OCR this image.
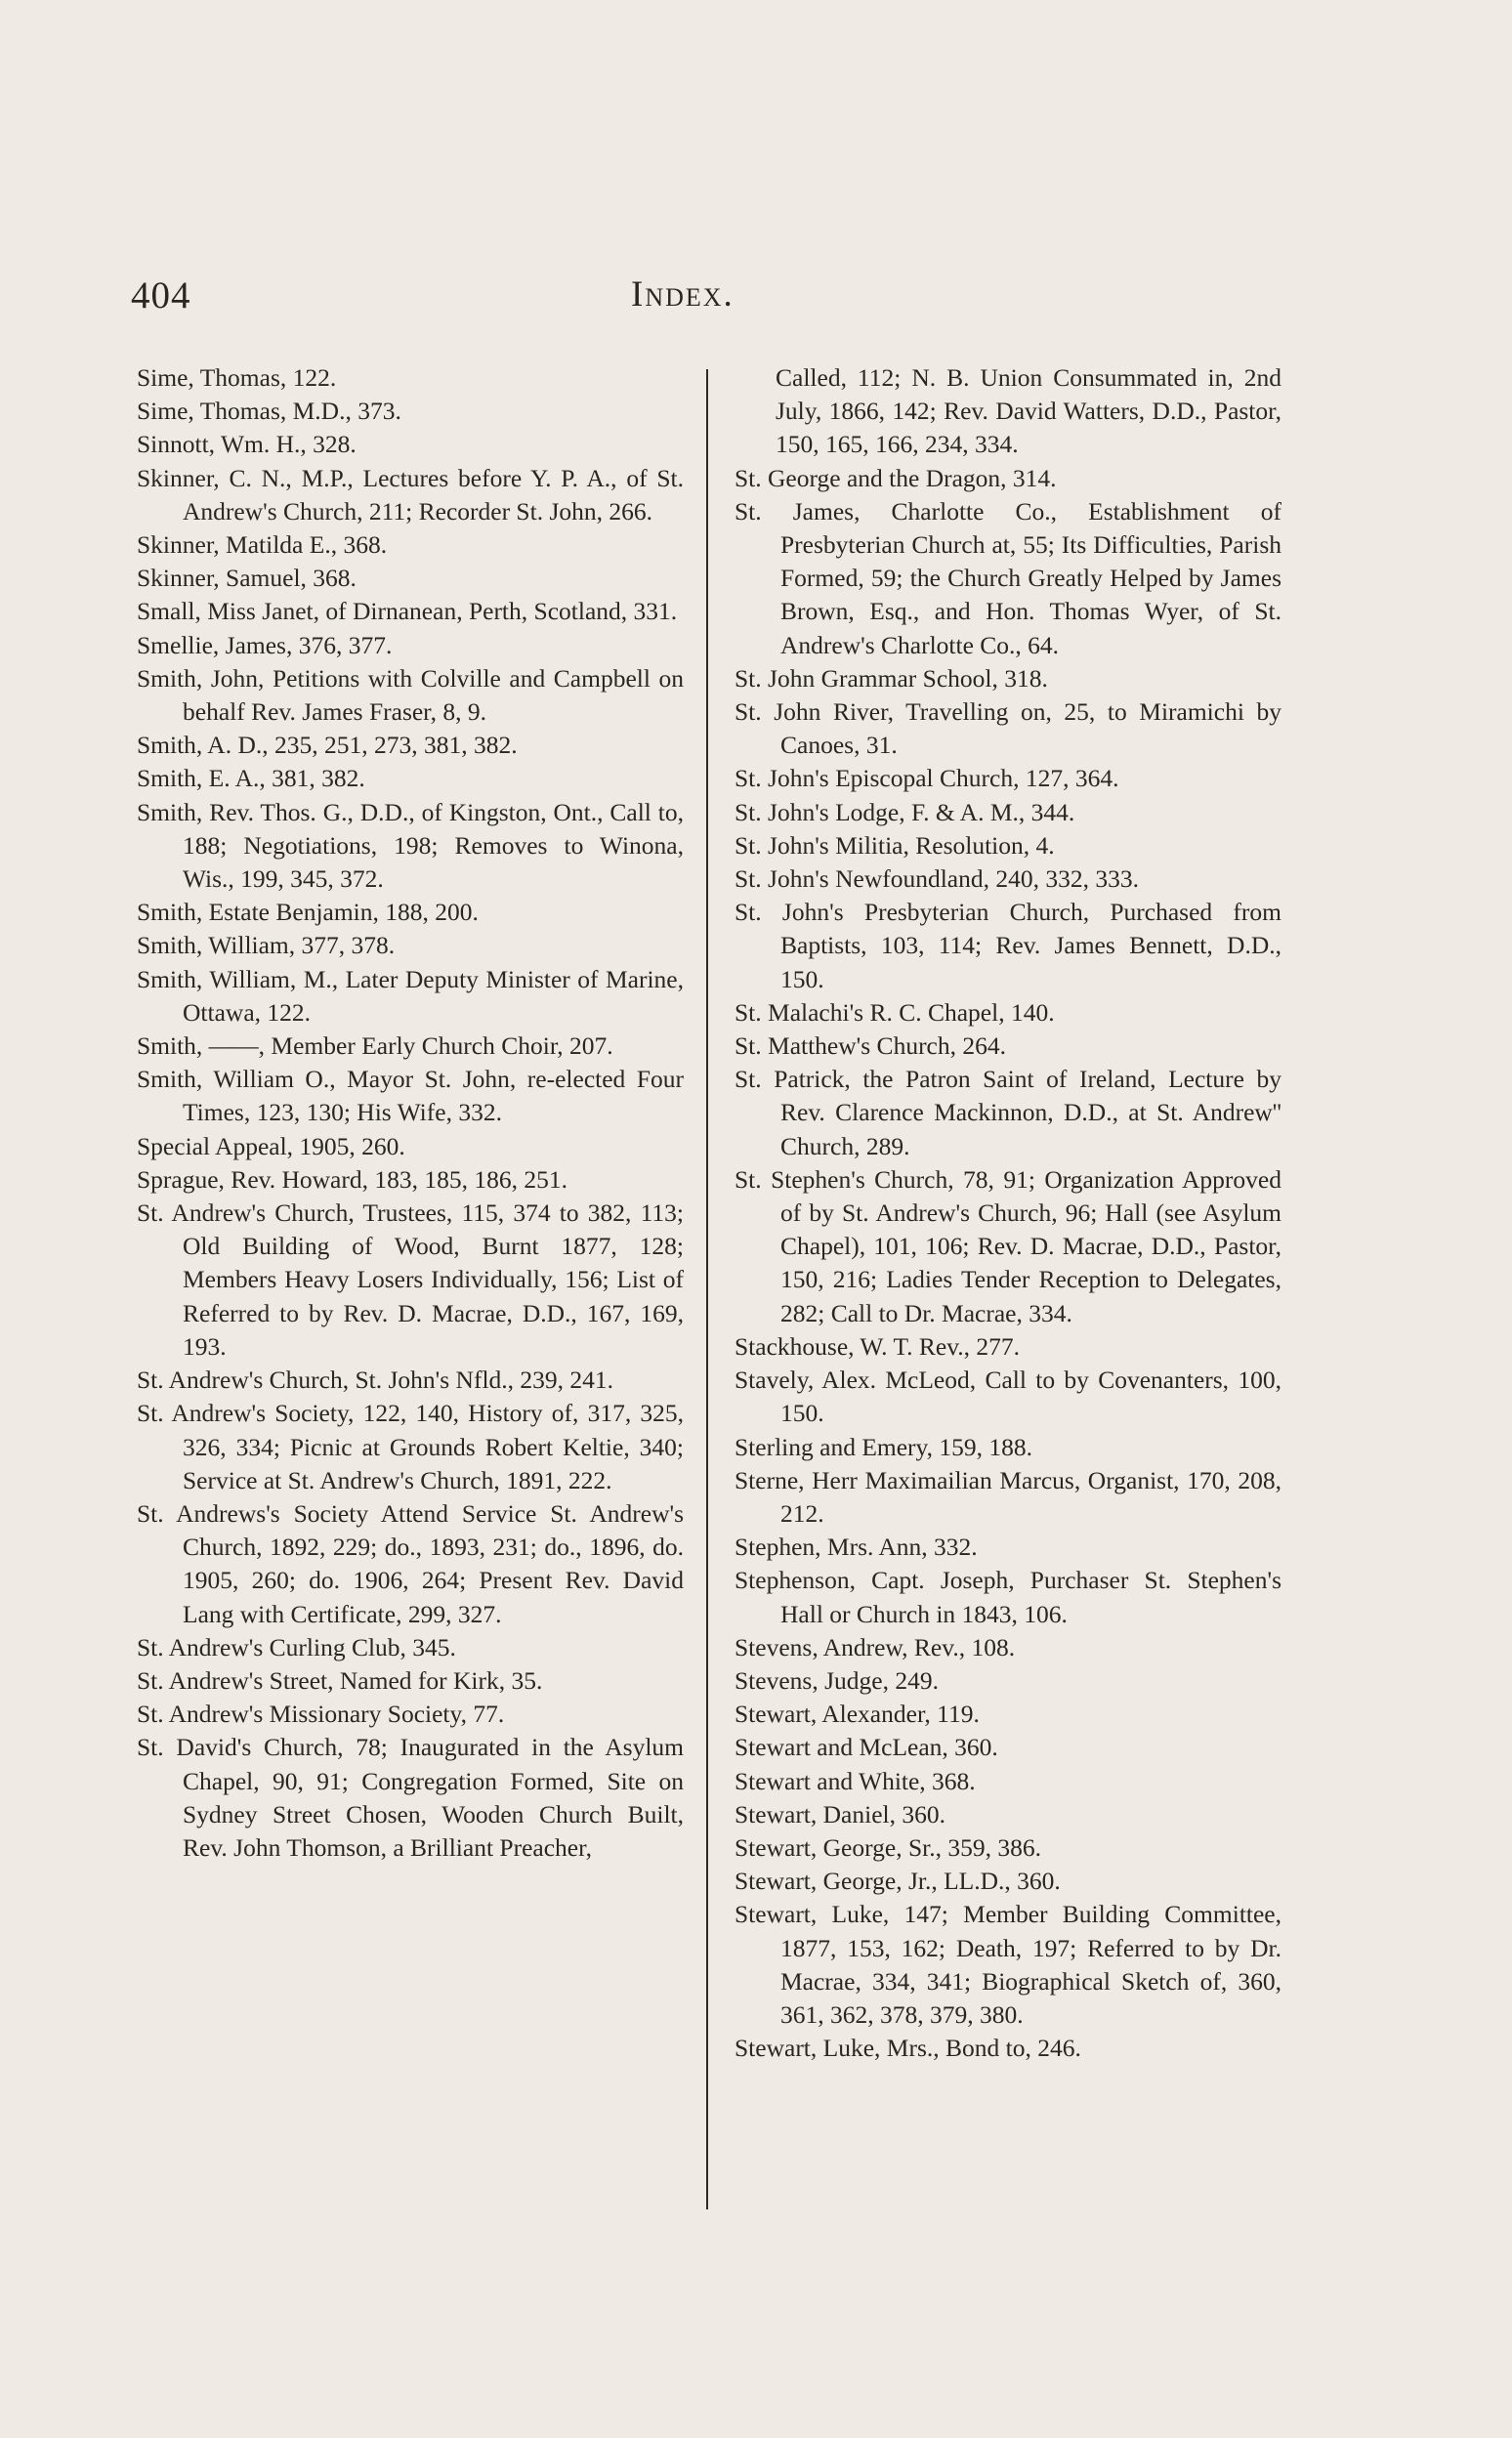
404	Index.

Sime, Thomas, 122.

Sime, Thomas, M.D., 373.

Sinnott, Wm. H., 328.

Skinner, C. N., M.P., Lectures before Y. P. A., of St. Andrew's Church, 211; Recorder St. John, 266.

Skinner, Matilda E., 368.

Skinner, Samuel, 368.

Small, Miss Janet, of Dirnanean, Perth, Scotland, 331.

Smellie, James, 376, 377.

Smith, John, Petitions with Colville and Campbell on behalf Rev. James Fraser, 8, 9.

Smith, A. D., 235, 251, 273, 381, 382.

Smith, E. A., 381, 382.

Smith, Rev. Thos. G., D.D., of Kingston, Ont., Call to, 188; Negotiations, 198; Removes to Winona, Wis., 199, 345, 372.

Smith, Estate Benjamin, 188, 200.

Smith, William, 377, 378.

Smith, William, M., Later Deputy Minister of Marine, Ottawa, 122.

Smith, ——, Member Early Church Choir, 207.

Smith, William O., Mayor St. John, re-elected Four Times, 123, 130; His Wife, 332.

Special Appeal, 1905, 260.

Sprague, Rev. Howard, 183, 185, 186, 251.

St. Andrew's Church, Trustees, 115, 374 to 382, 113; Old Building of Wood, Burnt 1877, 128; Members Heavy Losers Individually, 156; List of Referred to by Rev. D. Macrae, D.D., 167, 169, 193.

St. Andrew's Church, St. John's Nfld., 239, 241.

St. Andrew's Society, 122, 140, History of, 317, 325, 326, 334; Picnic at Grounds Robert Keltie, 340; Service at St. Andrew's Church, 1891, 222.

St. Andrews's Society Attend Service St. Andrew's Church, 1892, 229; do., 1893, 231; do., 1896, do. 1905, 260; do. 1906, 264; Present Rev. David Lang with Certificate, 299, 327.

St. Andrew's Curling Club, 345.

St. Andrew's Street, Named for Kirk, 35.

St. Andrew's Missionary Society, 77.

St. David's Church, 78; Inaugurated in the Asylum Chapel, 90, 91; Congregation Formed, Site on Sydney Street Chosen, Wooden Church Built, Rev. John Thomson, a Brilliant Preacher,

Called, 112; N. B. Union Consummated in, 2nd July, 1866, 142; Rev. David Watters, D.D., Pastor, 150, 165, 166, 234, 334.

St. George and the Dragon, 314.

St. James, Charlotte Co., Establishment of Presbyterian Church at, 55; Its Difficulties, Parish Formed, 59; the Church Greatly Helped by James Brown, Esq., and Hon. Thomas Wyer, of St. Andrew's Charlotte Co., 64.

St. John Grammar School, 318.

St. John River, Travelling on, 25, to Miramichi by Canoes, 31.

St. John's Episcopal Church, 127, 364.

St. John's Lodge, F. & A. M., 344.

St. John's Militia, Resolution, 4.

St. John's Newfoundland, 240, 332, 333.

St. John's Presbyterian Church, Purchased from Baptists, 103, 114; Rev. James Bennett, D.D., 150.

St. Malachi's R. C. Chapel, 140.

St. Matthew's Church, 264.

St. Patrick, the Patron Saint of Ireland, Lecture by Rev. Clarence Mackinnon, D.D., at St. Andrew'' Church, 289.

St. Stephen's Church, 78, 91; Organization Approved of by St. Andrew's Church, 96; Hall (see Asylum Chapel), 101, 106; Rev. D. Macrae, D.D., Pastor, 150, 216; Ladies Tender Reception to Delegates, 282; Call to Dr. Macrae, 334.

Stackhouse, W. T. Rev., 277.

Stavely, Alex. McLeod, Call to by Covenanters, 100, 150.

Sterling and Emery, 159, 188.

Sterne, Herr Maximailian Marcus, Organist, 170, 208, 212.

Stephen, Mrs. Ann, 332.

Stephenson, Capt. Joseph, Purchaser St. Stephen's Hall or Church in 1843, 106.

Stevens, Andrew, Rev., 108.

Stevens, Judge, 249.

Stewart, Alexander, 119.

Stewart and McLean, 360.

Stewart and White, 368.

Stewart, Daniel, 360.

Stewart, George, Sr., 359, 386.

Stewart, George, Jr., LL.D., 360.

Stewart, Luke, 147; Member Building Committee, 1877, 153, 162; Death, 197; Referred to by Dr. Macrae, 334, 341; Biographical Sketch of, 360, 361, 362, 378, 379, 380.

Stewart, Luke, Mrs., Bond to, 246.
